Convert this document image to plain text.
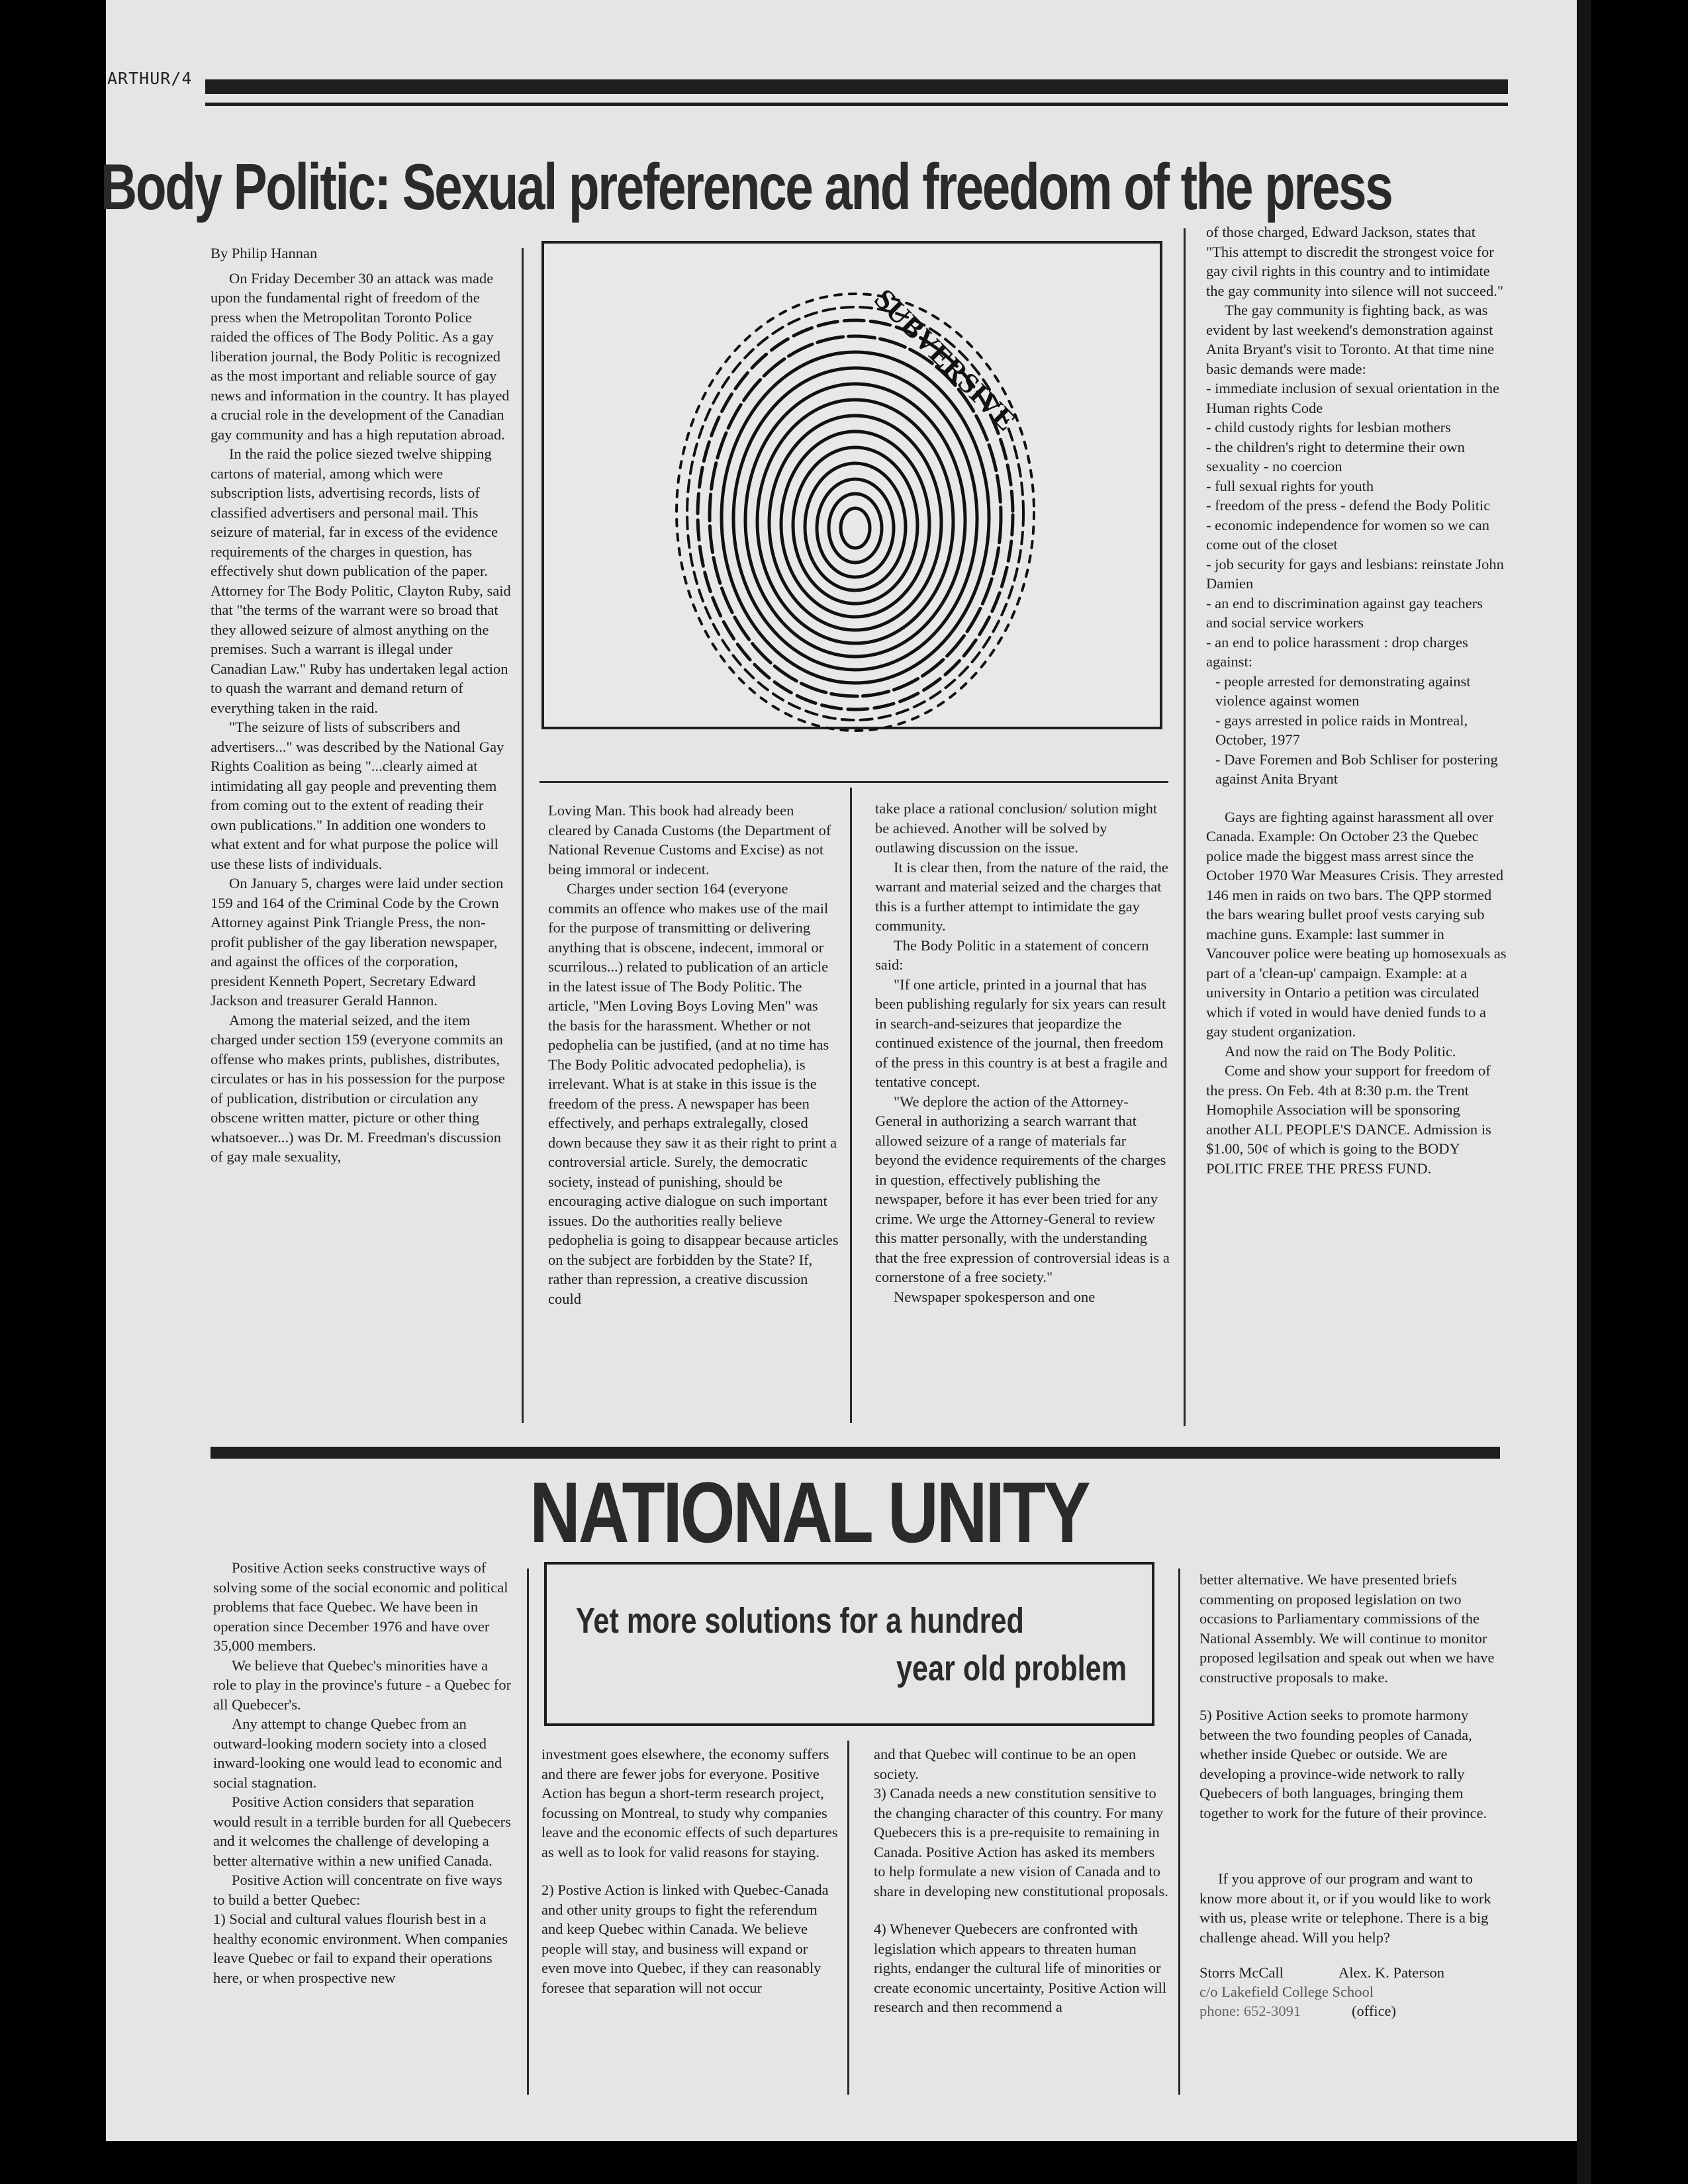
ARTHUR/4
Body Politic: Sexual preference and freedom of the press

By Philip Hannan

On Friday December 30 an attack was made upon the fundamental right of freedom of the press when the Metropolitan Toronto Police raided the offices of The Body Politic. As a gay liberation journal, the Body Politic is recognized as the most important and reliable source of gay news and information in the country. It has played a crucial role in the development of the Canadian gay community and has a high reputation abroad.

In the raid the police siezed twelve shipping cartons of material, among which were subscription lists, advertising records, lists of classified advertisers and personal mail. This seizure of material, far in excess of the evidence requirements of the charges in question, has effectively shut down publication of the paper. Attorney for The Body Politic, Clayton Ruby, said that "the terms of the warrant were so broad that they allowed seizure of almost anything on the premises. Such a warrant is illegal under Canadian Law." Ruby has undertaken legal action to quash the warrant and demand return of everything taken in the raid.

"The seizure of lists of subscribers and advertisers..." was described by the National Gay Rights Coalition as being "...clearly aimed at intimidating all gay people and preventing them from coming out to the extent of reading their own publications." In addition one wonders to what extent and for what purpose the police will use these lists of individuals.

On January 5, charges were laid under section 159 and 164 of the Criminal Code by the Crown Attorney against Pink Triangle Press, the non-profit publisher of the gay liberation newspaper, and against the offices of the corporation, president Kenneth Popert, Secretary Edward Jackson and treasurer Gerald Hannon.

Among the material seized, and the item charged under section 159 (everyone commits an offense who makes prints, publishes, distributes, circulates or has in his possession for the purpose of publication, distribution or circulation any obscene written matter, picture or other thing whatsoever...) was Dr. M. Freedman's discussion of gay male sexuality,

SUBVERSIVE

Loving Man. This book had already been cleared by Canada Customs (the Department of National Revenue Customs and Excise) as not being immoral or indecent.

Charges under section 164 (everyone commits an offence who makes use of the mail for the purpose of transmitting or delivering anything that is obscene, indecent, immoral or scurrilous...) related to publication of an article in the latest issue of The Body Politic. The article, "Men Loving Boys Loving Men" was the basis for the harassment. Whether or not pedophelia can be justified, (and at no time has The Body Politic advocated pedophelia), is irrelevant. What is at stake in this issue is the freedom of the press. A newspaper has been effectively, and perhaps extralegally, closed down because they saw it as their right to print a controversial article. Surely, the democratic society, instead of punishing, should be encouraging active dialogue on such important issues. Do the authorities really believe pedophelia is going to disappear because articles on the subject are forbidden by the State? If, rather than repression, a creative discussion could

take place a rational conclusion/ solution might be achieved. Another will be solved by outlawing discussion on the issue.

It is clear then, from the nature of the raid, the warrant and material seized and the charges that this is a further attempt to intimidate the gay community.

The Body Politic in a statement of concern said:

"If one article, printed in a journal that has been publishing regularly for six years can result in search-and-seizures that jeopardize the continued existence of the journal, then freedom of the press in this country is at best a fragile and tentative concept.

"We deplore the action of the Attorney-General in authorizing a search warrant that allowed seizure of a range of materials far beyond the evidence requirements of the charges in question, effectively publishing the newspaper, before it has ever been tried for any crime. We urge the Attorney-General to review this matter personally, with the understanding that the free expression of controversial ideas is a cornerstone of a free society."

Newspaper spokesperson and one

of those charged, Edward Jackson, states that "This attempt to discredit the strongest voice for gay civil rights in this country and to intimidate the gay community into silence will not succeed."

The gay community is fighting back, as was evident by last weekend's demonstration against Anita Bryant's visit to Toronto. At that time nine basic demands were made:

- immediate inclusion of sexual orientation in the Human rights Code

- child custody rights for lesbian mothers

- the children's right to determine their own sexuality - no coercion

- full sexual rights for youth

- freedom of the press - defend the Body Politic

- economic independence for women so we can come out of the closet

- job security for gays and lesbians: reinstate John Damien

- an end to discrimination against gay teachers and social service workers

- an end to police harassment : drop charges against:

- people arrested for demonstrating against violence against women

- gays arrested in police raids in Montreal, October, 1977

- Dave Foremen and Bob Schliser for postering against Anita Bryant

Gays are fighting against harassment all over Canada. Example: On October 23 the Quebec police made the biggest mass arrest since the October 1970 War Measures Crisis. They arrested 146 men in raids on two bars. The QPP stormed the bars wearing bullet proof vests carying sub machine guns. Example: last summer in Vancouver police were beating up homosexuals as part of a 'clean-up' campaign. Example: at a university in Ontario a petition was circulated which if voted in would have denied funds to a gay student organization.

And now the raid on The Body Politic.

Come and show your support for freedom of the press. On Feb. 4th at 8:30 p.m. the Trent Homophile Association will be sponsoring another ALL PEOPLE'S DANCE. Admission is $1.00, 50¢ of which is going to the BODY POLITIC FREE THE PRESS FUND.

NATIONAL UNITY
Yet more solutions for a hundred
year old problem

Positive Action seeks constructive ways of solving some of the social economic and political problems that face Quebec. We have been in operation since December 1976 and have over 35,000 members.

We believe that Quebec's minorities have a role to play in the province's future - a Quebec for all Quebecer's.

Any attempt to change Quebec from an outward-looking modern society into a closed inward-looking one would lead to economic and social stagnation.

Positive Action considers that separation would result in a terrible burden for all Quebecers and it welcomes the challenge of developing a better alternative within a new unified Canada.

Positive Action will concentrate on five ways to build a better Quebec:

1) Social and cultural values flourish best in a healthy economic environment. When companies leave Quebec or fail to expand their operations here, or when prospective new

investment goes elsewhere, the economy suffers and there are fewer jobs for everyone. Positive Action has begun a short-term research project, focussing on Montreal, to study why companies leave and the economic effects of such departures as well as to look for valid reasons for staying.

2) Postive Action is linked with Quebec-Canada and other unity groups to fight the referendum and keep Quebec within Canada. We believe people will stay, and business will expand or even move into Quebec, if they can reasonably foresee that separation will not occur

and that Quebec will continue to be an open society.

3) Canada needs a new constitution sensitive to the changing character of this country. For many Quebecers this is a pre-requisite to remaining in Canada. Positive Action has asked its members to help formulate a new vision of Canada and to share in developing new constitutional proposals.

4) Whenever Quebecers are confronted with legislation which appears to threaten human rights, endanger the cultural life of minorities or create economic uncertainty, Positive Action will research and then recommend a

better alternative. We have presented briefs commenting on proposed legislation on two occasions to Parliamentary commissions of the National Assembly. We will continue to monitor proposed legilsation and speak out when we have constructive proposals to make.

5) Positive Action seeks to promote harmony between the two founding peoples of Canada, whether inside Quebec or outside. We are developing a province-wide network to rally Quebecers of both languages, bringing them together to work for the future of their province.

If you approve of our program and want to know more about it, or if you would like to work with us, please write or telephone. There is a big challenge ahead. Will you help?

Storrs McCall	Alex. K. Paterson
c/o Lakefield College School
phone: 652-3091	(office)
